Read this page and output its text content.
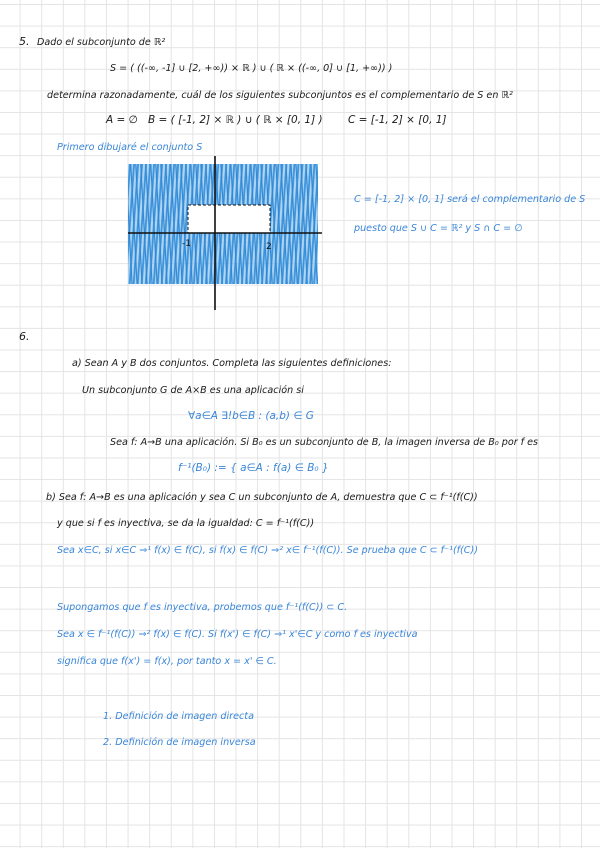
5. Dado el subconjunto de ℝ²
S = ( ((-∞, -1] ∪ [2, +∞)) × ℝ ) ∪ ( ℝ × ((-∞, 0] ∪ [1, +∞)) )
determina razonadamente, cuál de los siguientes subconjuntos es el complementario de S en ℝ²
A = ∅ B = ( [-1, 2] × ℝ ) ∪ ( ℝ × [0, 1] ) C = [-1, 2] × [0, 1]
Primero dibujaré el conjunto S
-1	2
C = [-1, 2] × [0, 1] será el complementario de S
puesto que S ∪ C = ℝ² y S ∩ C = ∅
6.
a) Sean A y B dos conjuntos. Completa las siguientes definiciones:
Un subconjunto G de A×B es una aplicación si
∀a∈A ∃!b∈B : (a,b) ∈ G
Sea f: A→B una aplicación. Si B₀ es un subconjunto de B, la imagen inversa de B₀ por f es
f⁻¹(B₀) := { a∈A : f(a) ∈ B₀ }
b) Sea f: A→B es una aplicación y sea C un subconjunto de A, demuestra que C ⊂ f⁻¹(f(C))
y que si f es inyectiva, se da la igualdad: C = f⁻¹(f(C))
Sea x∈C, si x∈C ⇒¹ f(x) ∈ f(C), si f(x) ∈ f(C) ⇒² x∈ f⁻¹(f(C)). Se prueba que C ⊂ f⁻¹(f(C))
Supongamos que f es inyectiva, probemos que f⁻¹(f(C)) ⊂ C.
Sea x ∈ f⁻¹(f(C)) ⇒² f(x) ∈ f(C). Si f(x') ∈ f(C) ⇒¹ x'∈C y como f es inyectiva
significa que f(x') = f(x), por tanto x = x' ∈ C.
1. Definición de imagen directa
2. Definición de imagen inversa
